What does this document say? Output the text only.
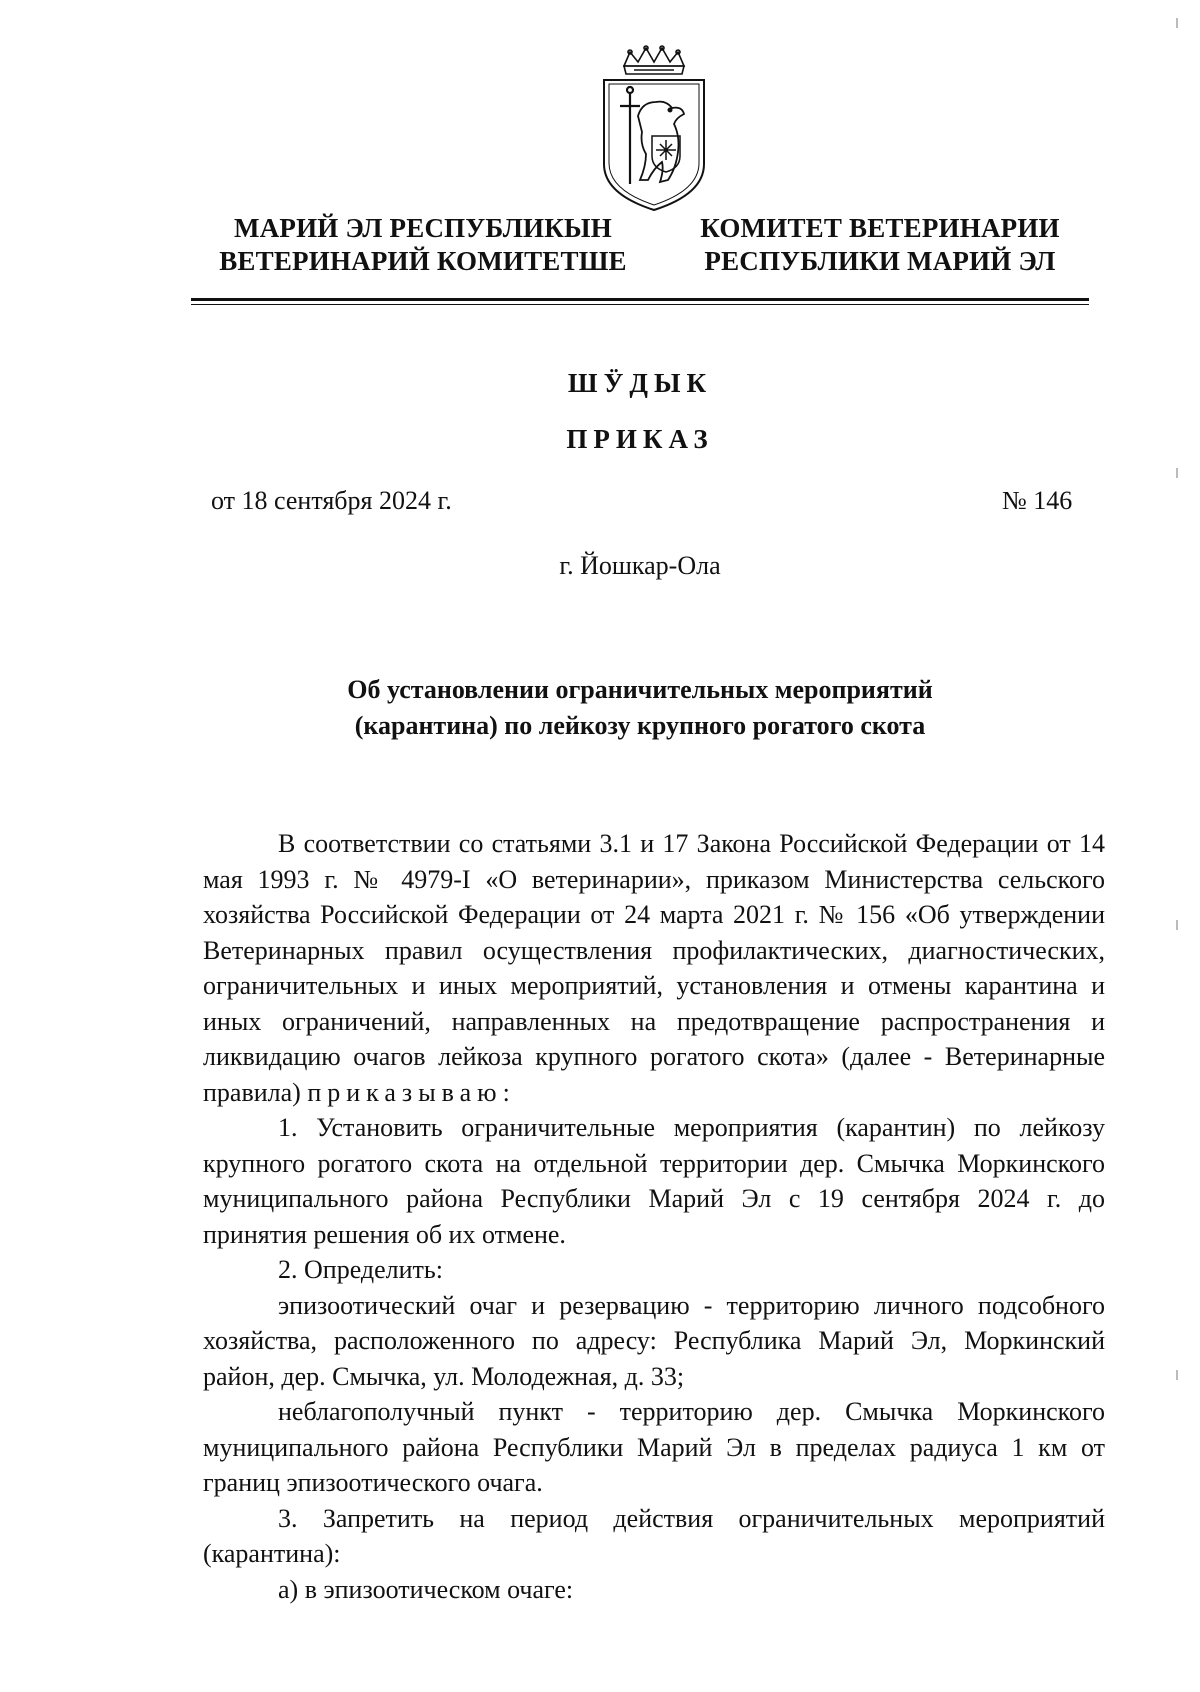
МАРИЙ ЭЛ РЕСПУБЛИКЫН
ВЕТЕРИНАРИЙ КОМИТЕТШЕ
КОМИТЕТ ВЕТЕРИНАРИИ
РЕСПУБЛИКИ МАРИЙ ЭЛ
ШӰДЫК
ПРИКАЗ
от 18 сентября 2024 г.	№ 146
г. Йошкар-Ола
Об установлении ограничительных мероприятий
(карантина) по лейкозу крупного рогатого скота

В соответствии со статьями 3.1 и 17 Закона Российской Федерации от 14 мая 1993 г. № 4979-I «О ветеринарии», приказом Министерства сельского хозяйства Российской Федерации от 24 марта 2021 г. № 156 «Об утверждении Ветеринарных правил осуществления профилактических, диагностических, ограничительных и иных мероприятий, установления и отмены карантина и иных ограничений, направленных на предотвращение распространения и ликвидацию очагов лейкоза крупного рогатого скота» (далее - Ветеринарные правила) приказываю:

1. Установить ограничительные мероприятия (карантин) по лейкозу крупного рогатого скота на отдельной территории дер. Смычка Моркинского муниципального района Республики Марий Эл с 19 сентября 2024 г. до принятия решения об их отмене.

2. Определить:

эпизоотический очаг и резервацию - территорию личного подсобного хозяйства, расположенного по адресу: Республика Марий Эл, Моркинский район, дер. Смычка, ул. Молодежная, д. 33;

неблагополучный пункт - территорию дер. Смычка Моркинского муниципального района Республики Марий Эл в пределах радиуса 1 км от границ эпизоотического очага.

3. Запретить на период действия ограничительных мероприятий (карантина):

а) в эпизоотическом очаге:
